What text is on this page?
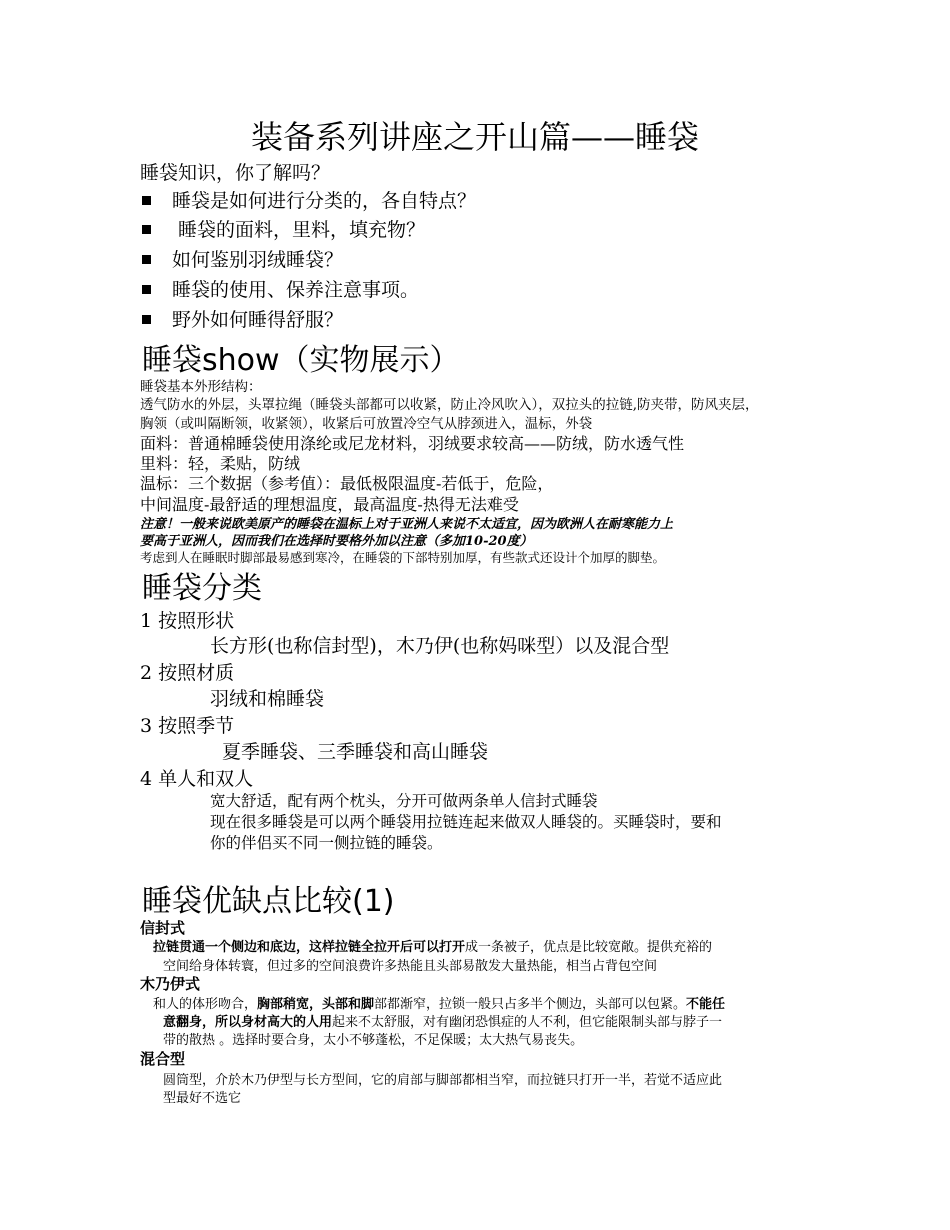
装备系列讲座之开山篇——睡袋
睡袋知识，你了解吗？
睡袋是如何进行分类的，各自特点？
睡袋的面料，里料，填充物？
如何鉴别羽绒睡袋？
睡袋的使用、保养注意事项。
野外如何睡得舒服？
睡袋show（实物展示）
睡袋基本外形结构：
透气防水的外层，头罩拉绳（睡袋头部都可以收紧，防止冷风吹入），双拉头的拉链,防夹带，防风夹层，
胸领（或叫隔断领，收紧领），收紧后可放置冷空气从脖颈进入，温标，外袋
面料：普通棉睡袋使用涤纶或尼龙材料，羽绒要求较高——防绒，防水透气性
里料：轻，柔贴，防绒
温标：三个数据（参考值）：最低极限温度-若低于，危险，
中间温度-最舒适的理想温度，最高温度-热得无法难受
注意！一般来说欧美原产的睡袋在温标上对于亚洲人来说不太适宜，因为欧洲人在耐寒能力上
要高于亚洲人，因而我们在选择时要格外加以注意（多加10-20度）
考虑到人在睡眠时脚部最易感到寒冷，在睡袋的下部特别加厚，有些款式还设计个加厚的脚垫。
睡袋分类
1 按照形状
长方形(也称信封型)，木乃伊(也称妈咪型）以及混合型
2 按照材质
羽绒和棉睡袋
3 按照季节
夏季睡袋、三季睡袋和高山睡袋
4 单人和双人
宽大舒适，配有两个枕头，分开可做两条单人信封式睡袋
现在很多睡袋是可以两个睡袋用拉链连起来做双人睡袋的。买睡袋时，要和
你的伴侣买不同一侧拉链的睡袋。
睡袋优缺点比较(1)
信封式
拉链贯通一个侧边和底边，这样拉链全拉开后可以打开成一条被子，优点是比较宽敞。提供充裕的
空间给身体转寰，但过多的空间浪费许多热能且头部易散发大量热能，相当占背包空间
木乃伊式
和人的体形吻合，胸部稍宽，头部和脚部都渐窄，拉锁一般只占多半个侧边，头部可以包紧。不能任
意翻身，所以身材高大的人用起来不太舒服，对有幽闭恐惧症的人不利，但它能限制头部与脖子一
带的散热 。选择时要合身，太小不够蓬松，不足保暖；太大热气易丧失。
混合型
圆筒型，介於木乃伊型与长方型间，它的肩部与脚部都相当窄，而拉链只打开一半，若觉不适应此
型最好不选它
